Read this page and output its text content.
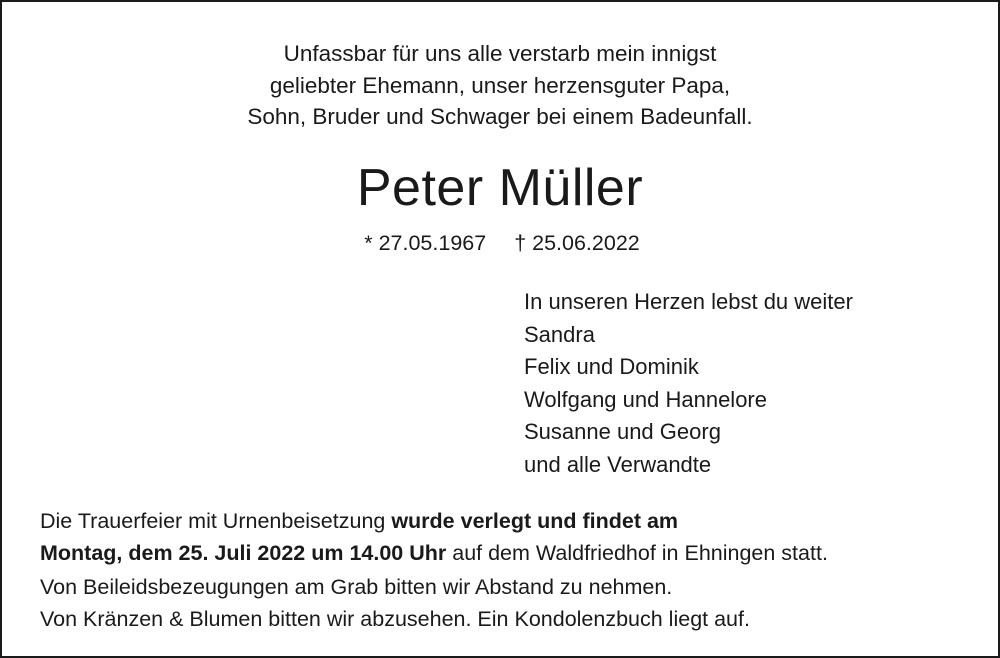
Unfassbar für uns alle verstarb mein innigst
geliebter Ehemann, unser herzensguter Papa,
Sohn, Bruder und Schwager bei einem Badeunfall.
Peter Müller
* 27.05.1967 † 25.06.2022
In unseren Herzen lebst du weiter
Sandra
Felix und Dominik
Wolfgang und Hannelore
Susanne und Georg
und alle Verwandte
Die Trauerfeier mit Urnenbeisetzung wurde verlegt und findet am
Montag, dem 25. Juli 2022 um 14.00 Uhr auf dem Waldfriedhof in Ehningen statt.
Von Beileidsbezeugungen am Grab bitten wir Abstand zu nehmen.
Von Kränzen & Blumen bitten wir abzusehen. Ein Kondolenzbuch liegt auf.
